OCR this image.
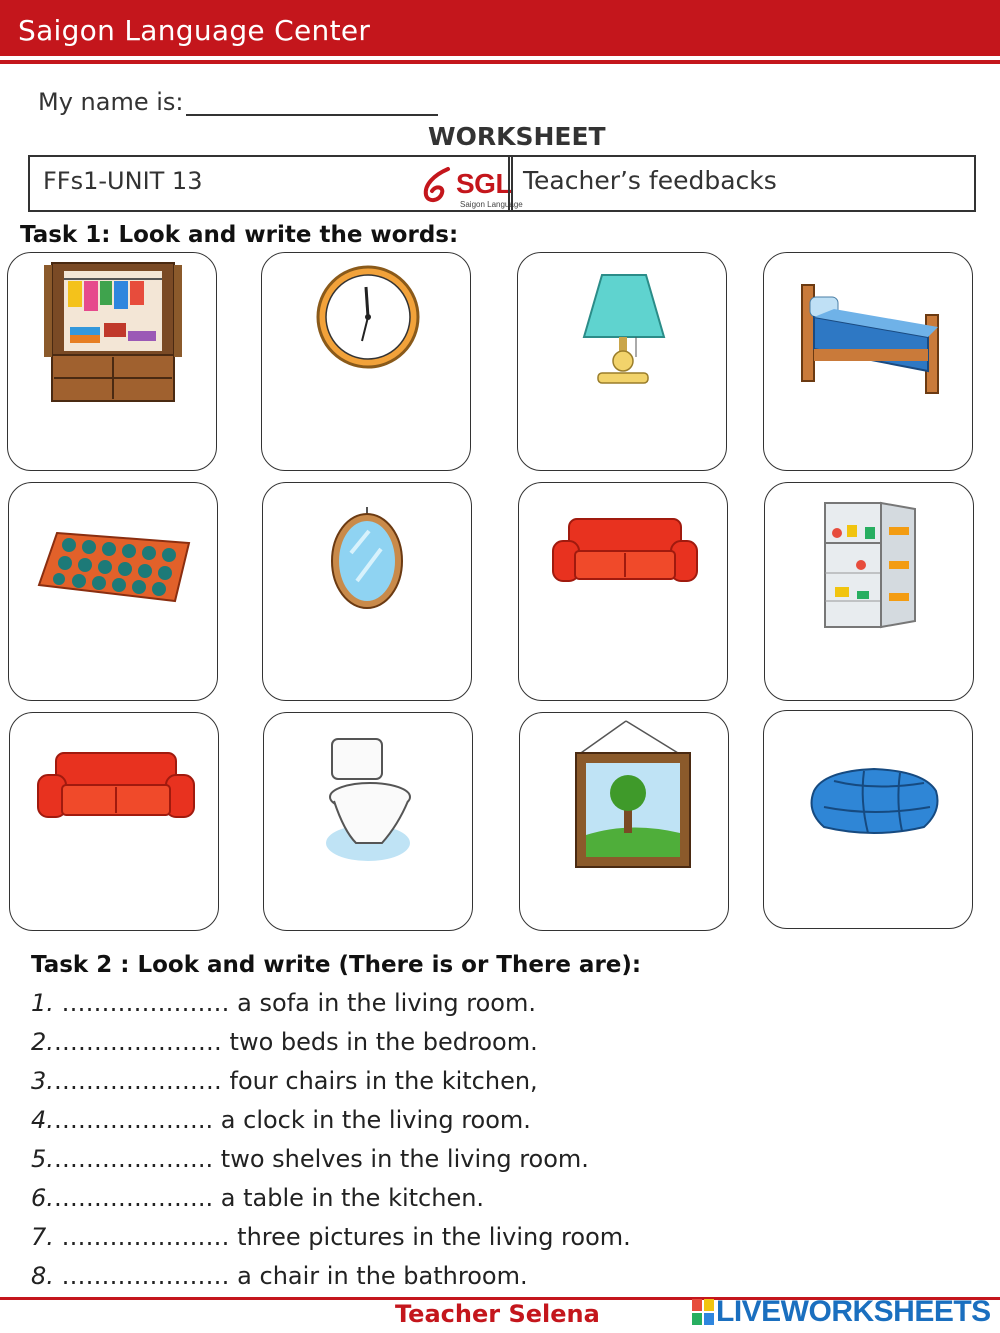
Saigon Language Center
My name is:
WORKSHEET
FFs1-UNIT 13	SGL
Saigon Language
Teacher’s feedbacks
Task 1: Look and write the words:
Task 2 : Look and write (There is or There are):
1. ………………… a sofa in the living room.
2.………………… two beds in the bedroom.
3.………………… four chairs in the kitchen,
4.……………….. a clock in the living room.
5.……………….. two shelves in the living room.
6.……………….. a table in the kitchen.
7. ………………… three pictures in the living room.
8. ………………… a chair in the bathroom.
Teacher Selena	LIVEWORKSHEETS
